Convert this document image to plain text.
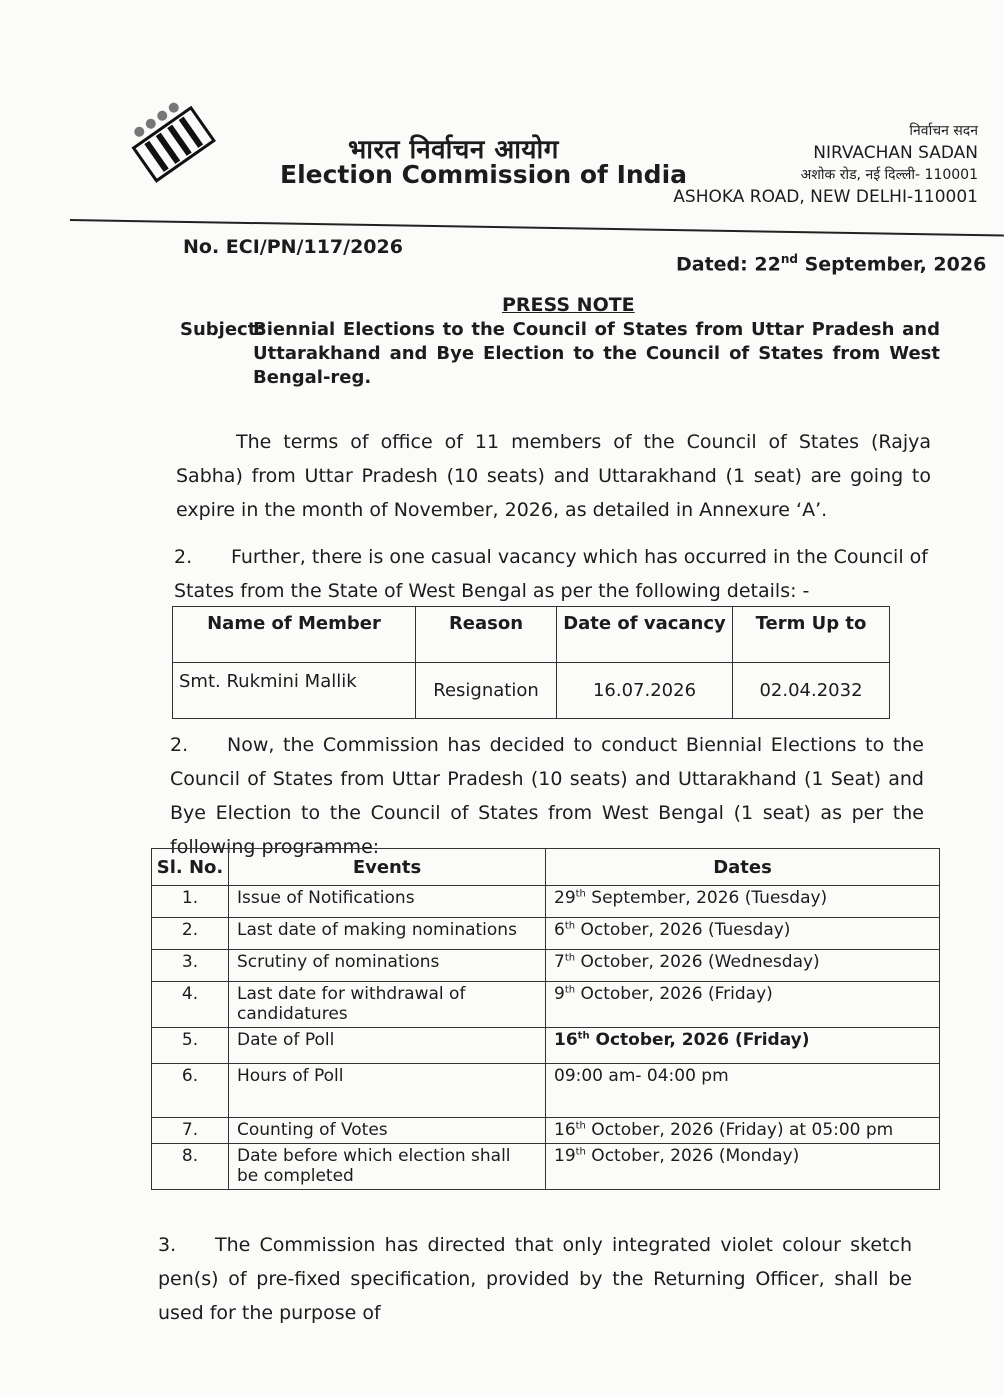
भारत निर्वाचन आयोग
Election Commission of India
निर्वाचन सदन
NIRVACHAN SADAN
अशोक रोड, नई दिल्ली- 110001
ASHOKA ROAD, NEW DELHI-110001
No. ECI/PN/117/2026
Dated: 22nd September, 2026
PRESS NOTE
Subject:
Biennial Elections to the Council of States from Uttar Pradesh and Uttarakhand and Bye Election to the Council of States from West Bengal-reg.
The terms of office of 11 members of the Council of States (Rajya Sabha) from Uttar Pradesh (10 seats) and Uttarakhand (1 seat) are going to expire in the month of November, 2026, as detailed in Annexure ‘A’.
2. Further, there is one casual vacancy which has occurred in the Council of States from the State of West Bengal as per the following details: -
Name of Member	Reason	Date of vacancy	Term Up to
Smt. Rukmini Mallik	Resignation	16.07.2026	02.04.2032
2. Now, the Commission has decided to conduct Biennial Elections to the Council of States from Uttar Pradesh (10 seats) and Uttarakhand (1 Seat) and Bye Election to the Council of States from West Bengal (1 seat) as per the following programme:
Sl. No.	Events	Dates
1.	Issue of Notifications	29th September, 2026 (Tuesday)
2.	Last date of making nominations	6th October, 2026 (Tuesday)
3.	Scrutiny of nominations	7th October, 2026 (Wednesday)
4.	Last date for withdrawal of candidatures	9th October, 2026 (Friday)
5.	Date of Poll	16th October, 2026 (Friday)
6.	Hours of Poll	09:00 am- 04:00 pm
7.	Counting of Votes	16th October, 2026 (Friday) at 05:00 pm
8.	Date before which election shall be completed	19th October, 2026 (Monday)
3. The Commission has directed that only integrated violet colour sketch pen(s) of pre-fixed specification, provided by the Returning Officer, shall be used for the purpose of
